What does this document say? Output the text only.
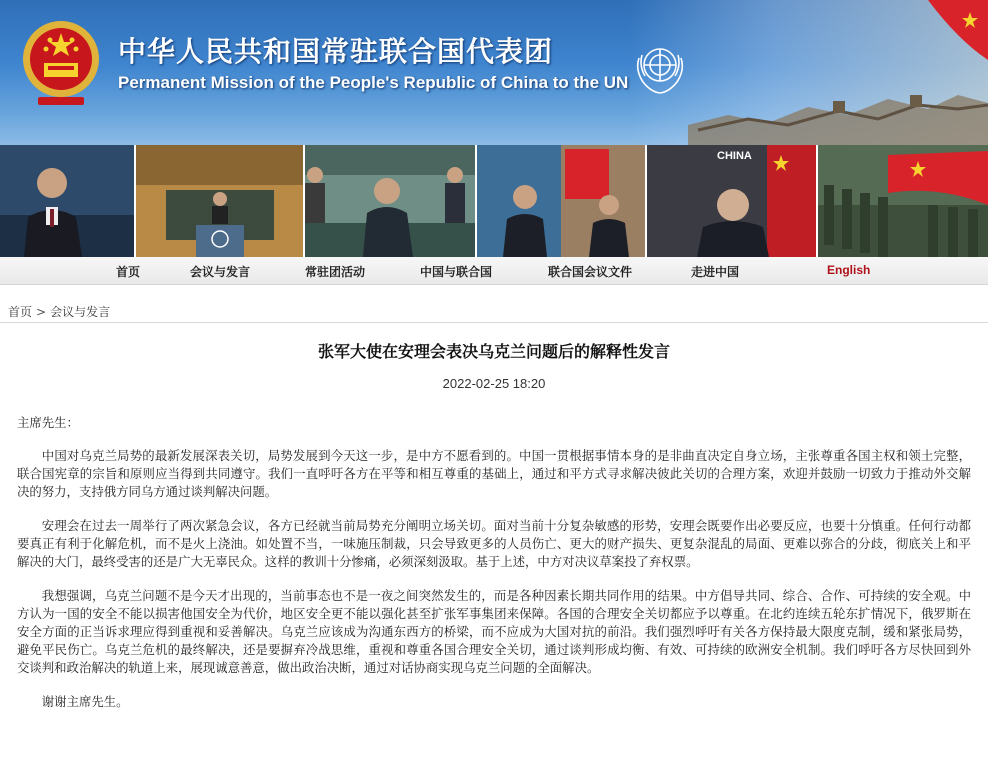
中华人民共和国常驻联合国代表团
Permanent Mission of the People's Republic of China to the UN
CHINA
首页	会议与发言	常驻团活动	中国与联合国	联合国会议文件	走进中国	English
首页 > 会议与发言
张军大使在安理会表决乌克兰问题后的解释性发言
2022-02-25 18:20

主席先生：

中国对乌克兰局势的最新发展深表关切，局势发展到今天这一步，是中方不愿看到的。中国一贯根据事情本身的是非曲直决定自身立场，主张尊重各国主权和领土完整，联合国宪章的宗旨和原则应当得到共同遵守。我们一直呼吁各方在平等和相互尊重的基础上，通过和平方式寻求解决彼此关切的合理方案，欢迎并鼓励一切致力于推动外交解决的努力，支持俄方同乌方通过谈判解决问题。

安理会在过去一周举行了两次紧急会议，各方已经就当前局势充分阐明立场关切。面对当前十分复杂敏感的形势，安理会既要作出必要反应，也要十分慎重。任何行动都要真正有利于化解危机，而不是火上浇油。如处置不当，一味施压制裁，只会导致更多的人员伤亡、更大的财产损失、更复杂混乱的局面、更难以弥合的分歧，彻底关上和平解决的大门，最终受害的还是广大无辜民众。这样的教训十分惨痛，必须深刻汲取。基于上述，中方对决议草案投了弃权票。

我想强调，乌克兰问题不是今天才出现的，当前事态也不是一夜之间突然发生的，而是各种因素长期共同作用的结果。中方倡导共同、综合、合作、可持续的安全观。中方认为一国的安全不能以损害他国安全为代价，地区安全更不能以强化甚至扩张军事集团来保障。各国的合理安全关切都应予以尊重。在北约连续五轮东扩情况下，俄罗斯在安全方面的正当诉求理应得到重视和妥善解决。乌克兰应该成为沟通东西方的桥梁，而不应成为大国对抗的前沿。我们强烈呼吁有关各方保持最大限度克制，缓和紧张局势，避免平民伤亡。乌克兰危机的最终解决，还是要摒弃冷战思维，重视和尊重各国合理安全关切，通过谈判形成均衡、有效、可持续的欧洲安全机制。我们呼吁各方尽快回到外交谈判和政治解决的轨道上来，展现诚意善意，做出政治决断，通过对话协商实现乌克兰问题的全面解决。

谢谢主席先生。
